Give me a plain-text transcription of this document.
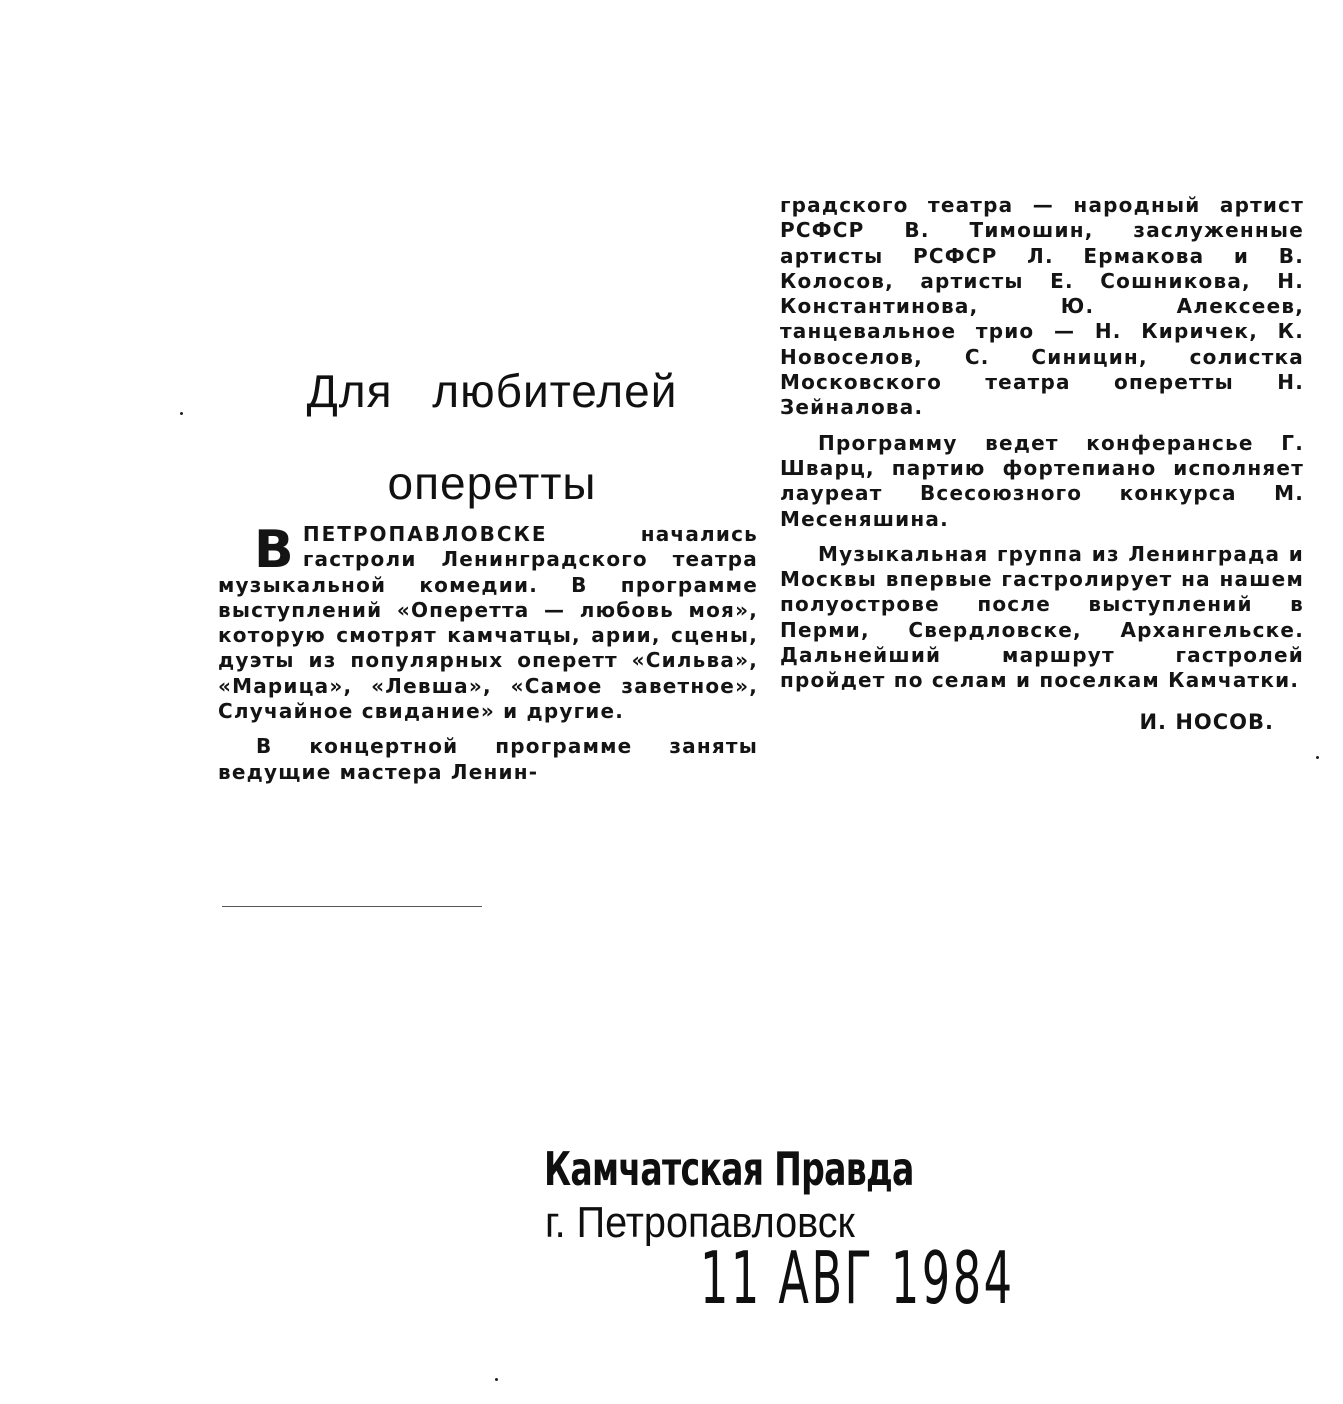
Для любителей
оперетты

ВПЕТРОПАВЛОВСКЕ начались гастроли Ленинградского театра музыкальной комедии. В программе выступлений «Оперетта — любовь моя», которую смотрят камчатцы, арии, сцены, дуэты из популярных оперетт «Сильва», «Марица», «Левша», «Самое заветное», Случайное свидание» и другие.

В концертной программе заняты ведущие мастера Ленин-

градского театра — народный артист РСФСР В. Тимошин, заслуженные артисты РСФСР Л. Ермакова и В. Колосов, артисты Е. Сошникова, Н. Константинова, Ю. Алексеев, танцевальное трио — Н. Киричек, К. Новоселов, С. Синицин, солистка Московского театра оперетты Н. Зейналова.

Программу ведет конферансье Г. Шварц, партию фортепиано исполняет лауреат Всесоюзного конкурса М. Месеняшина.

Музыкальная группа из Ленинграда и Москвы впервые гастролирует на нашем полуострове после выступлений в Перми, Свердловске, Архангельске. Дальнейший маршрут гастролей пройдет по селам и поселкам Камчатки.

И. НОСОВ.
Камчатская Правда
г. Петропавловск
11 АВГ 1984
